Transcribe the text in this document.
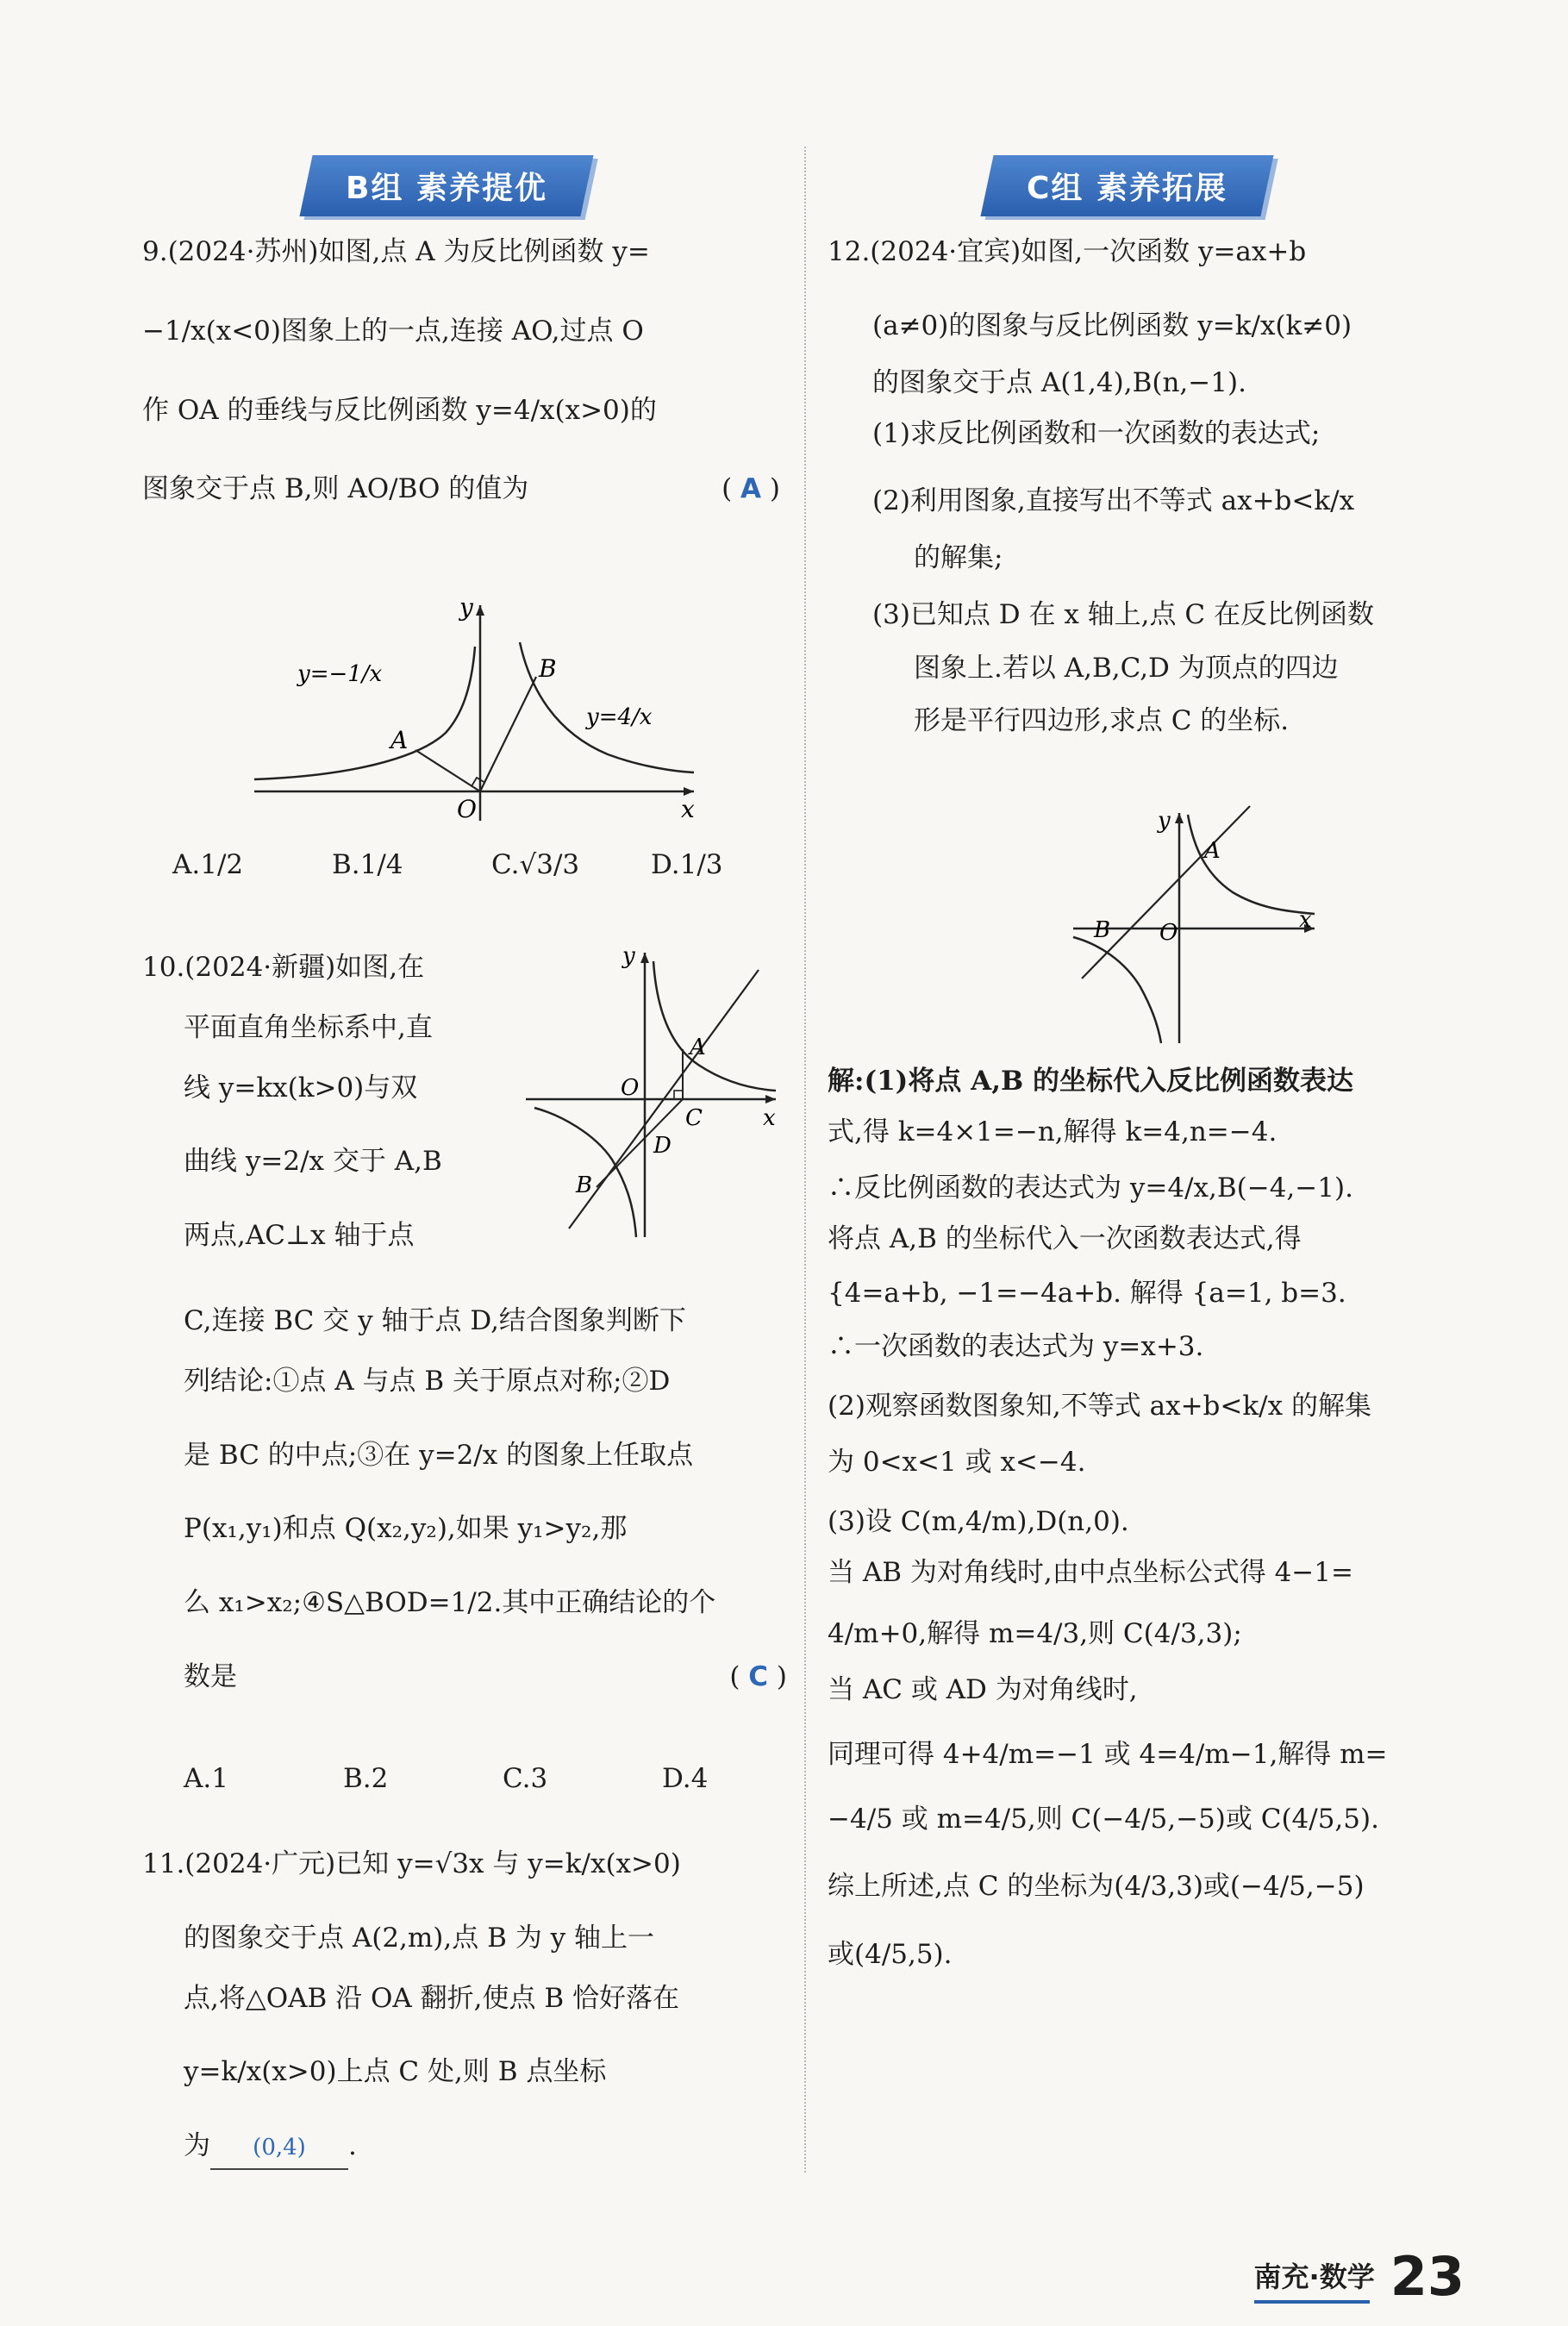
B组 素养提优	C组 素养拓展
9.(2024·苏州)如图,点 A 为反比例函数 y=
−1/x(x<0)图象上的一点,连接 AO,过点 O
作 OA 的垂线与反比例函数 y=4/x(x>0)的
图象交于点 B,则 AO/BO 的值为	( A )
y
x
O
A
B
y=−1/x
y=4/x
A.1/2	B.1/4	C.√3/3	D.1/3
10.(2024·新疆)如图,在
平面直角坐标系中,直
线 y=kx(k>0)与双
曲线 y=2/x 交于 A,B
两点,AC⊥x 轴于点
y
x
O
A
B
C
D
C,连接 BC 交 y 轴于点 D,结合图象判断下
列结论:①点 A 与点 B 关于原点对称;②D
是 BC 的中点;③在 y=2/x 的图象上任取点
P(x₁,y₁)和点 Q(x₂,y₂),如果 y₁>y₂,那
么 x₁>x₂;④S△BOD=1/2.其中正确结论的个
数是	( C )
A.1	B.2	C.3	D.4
11.(2024·广元)已知 y=√3x 与 y=k/x(x>0)
的图象交于点 A(2,m),点 B 为 y 轴上一
点,将△OAB 沿 OA 翻折,使点 B 恰好落在
y=k/x(x>0)上点 C 处,则 B 点坐标
为 (0,4) .
12.(2024·宜宾)如图,一次函数 y=ax+b
(a≠0)的图象与反比例函数 y=k/x(k≠0)
的图象交于点 A(1,4),B(n,−1).
(1)求反比例函数和一次函数的表达式;
(2)利用图象,直接写出不等式 ax+b<k/x
的解集;
(3)已知点 D 在 x 轴上,点 C 在反比例函数
图象上.若以 A,B,C,D 为顶点的四边
形是平行四边形,求点 C 的坐标.
y
x
O
A
B

解:(1)将点 A,B 的坐标代入反比例函数表达

式,得 k=4×1=−n,解得 k=4,n=−4.

∴反比例函数的表达式为 y=4/x,B(−4,−1).

将点 A,B 的坐标代入一次函数表达式,得

{4=a+b, −1=−4a+b. 解得 {a=1, b=3.

∴一次函数的表达式为 y=x+3.

(2)观察函数图象知,不等式 ax+b<k/x 的解集

为 0<x<1 或 x<−4.

(3)设 C(m,4/m),D(n,0).

当 AB 为对角线时,由中点坐标公式得 4−1=

4/m+0,解得 m=4/3,则 C(4/3,3);

当 AC 或 AD 为对角线时,

同理可得 4+4/m=−1 或 4=4/m−1,解得 m=

−4/5 或 m=4/5,则 C(−4/5,−5)或 C(4/5,5).

综上所述,点 C 的坐标为(4/3,3)或(−4/5,−5)

或(4/5,5).

南充·数学 23
